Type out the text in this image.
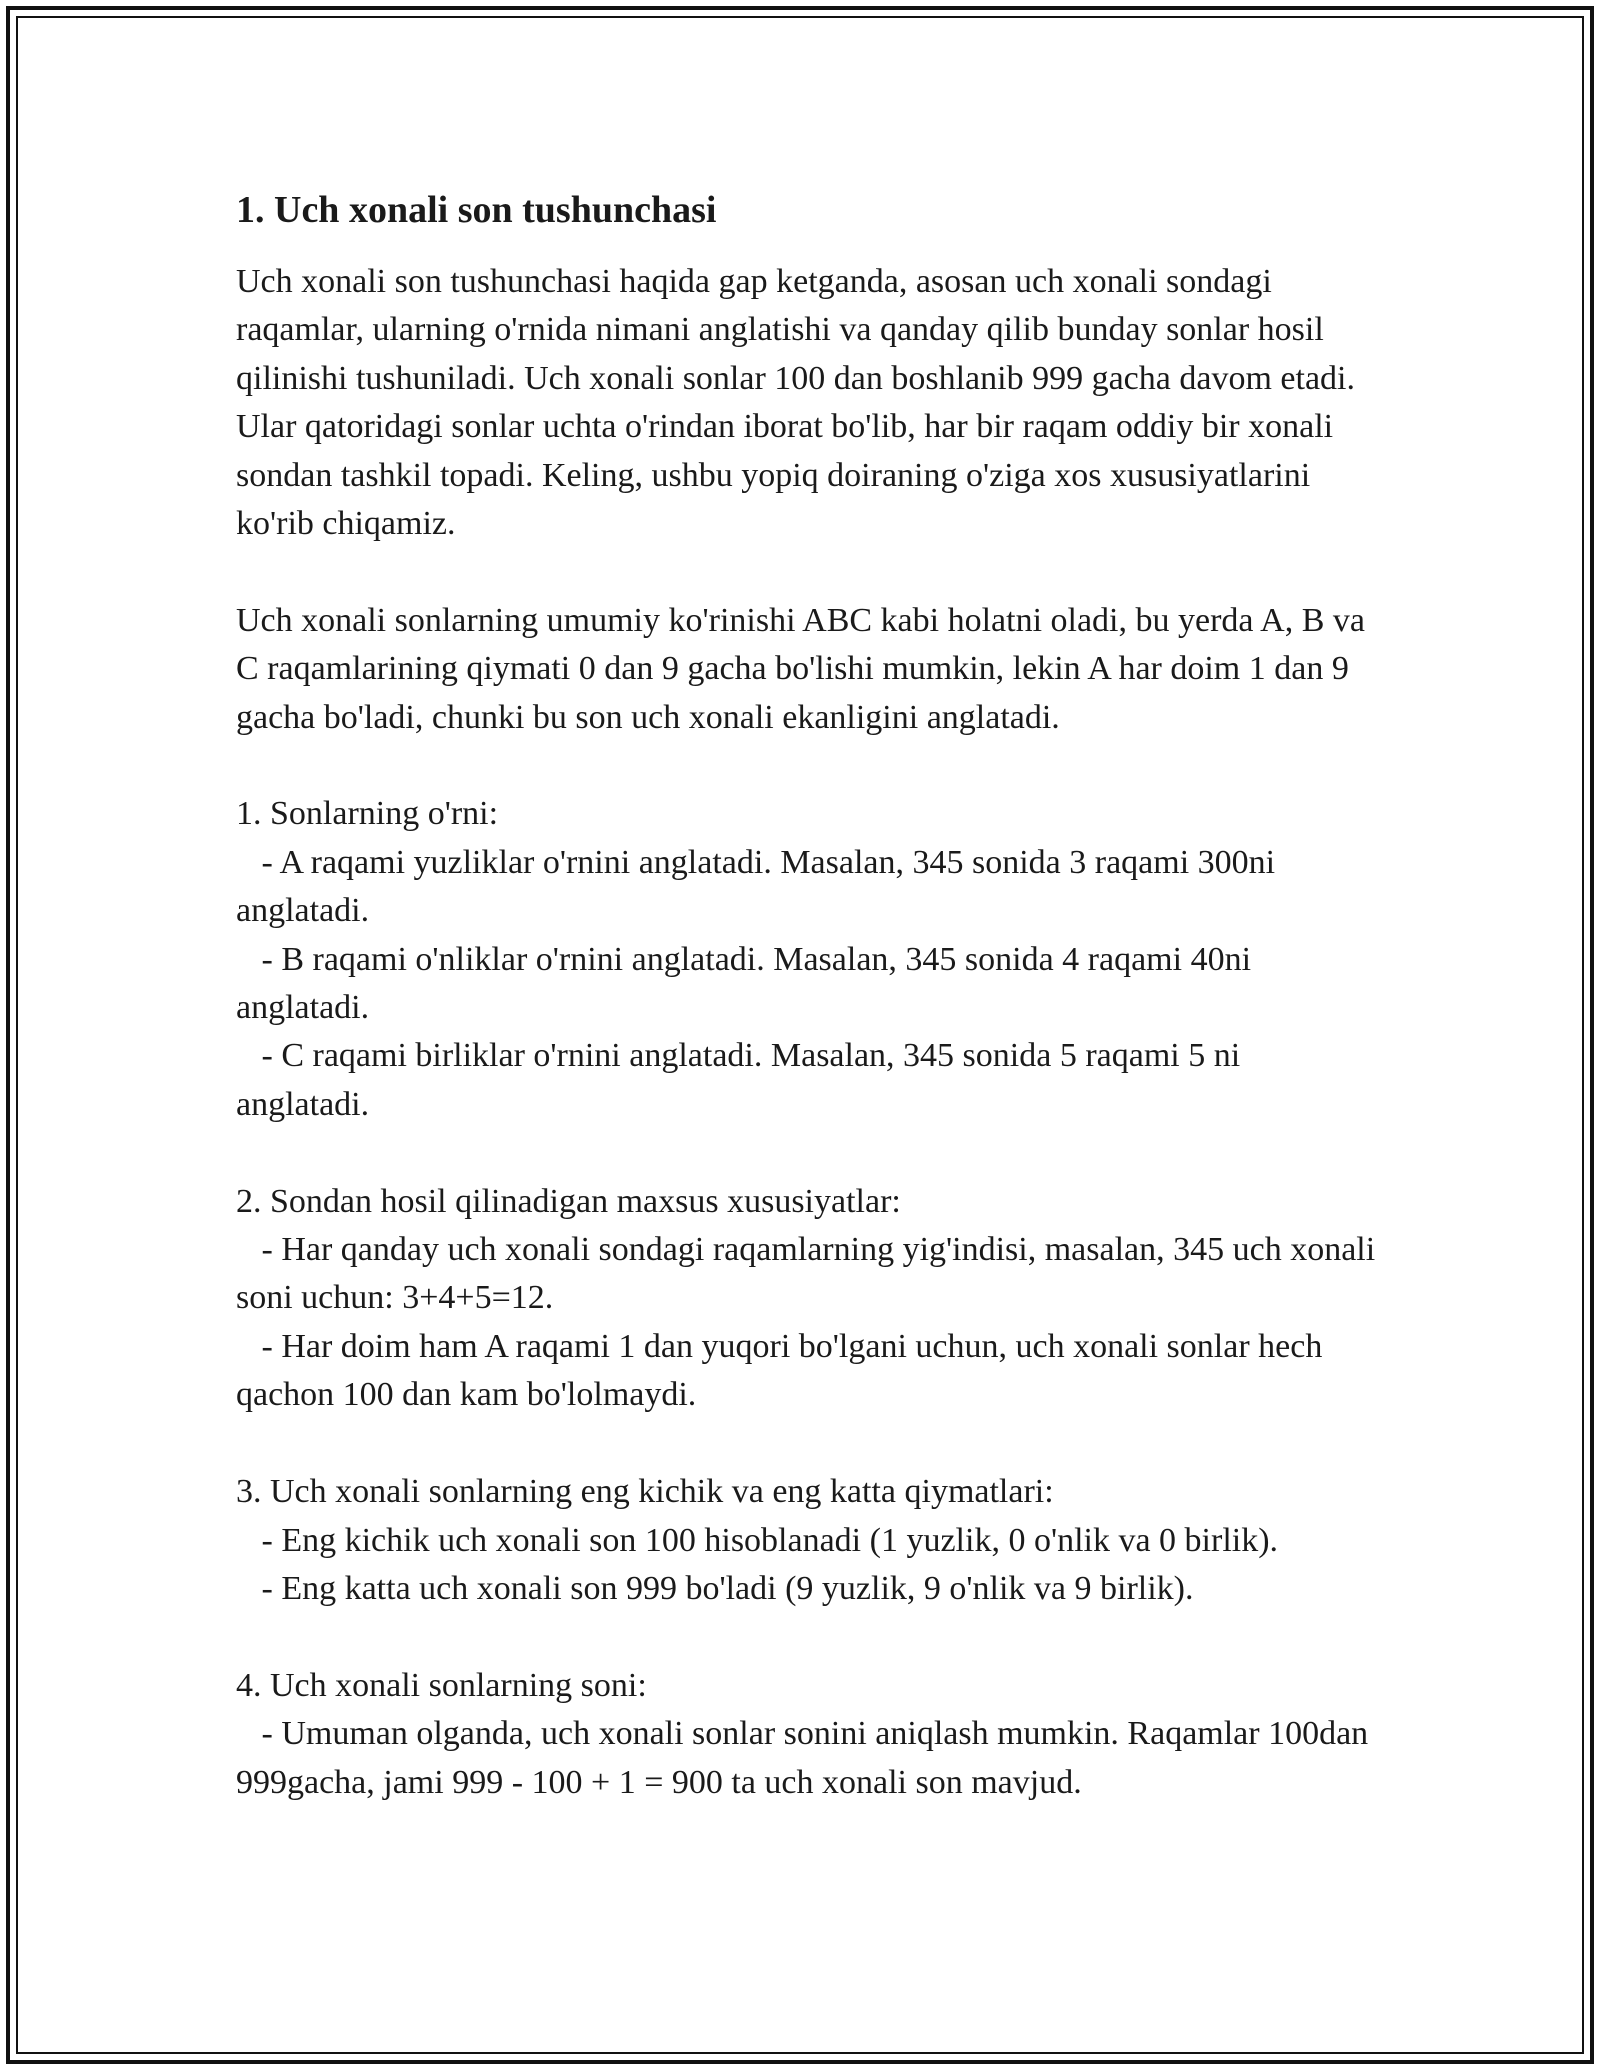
1. Uch xonali son tushunchasi

Uch xonali son tushunchasi haqida gap ketganda, asosan uch xonali sondagi raqamlar, ularning o'rnida nimani anglatishi va qanday qilib bunday sonlar hosil qilinishi tushuniladi. Uch xonali sonlar 100 dan boshlanib 999 gacha davom etadi. Ular qatoridagi sonlar uchta o'rindan iborat bo'lib, har bir raqam oddiy bir xonali sondan tashkil topadi. Keling, ushbu yopiq doiraning o'ziga xos xususiyatlarini ko'rib chiqamiz.

Uch xonali sonlarning umumiy ko'rinishi ABC kabi holatni oladi, bu yerda A, B va C raqamlarining qiymati 0 dan 9 gacha bo'lishi mumkin, lekin A har doim 1 dan 9 gacha bo'ladi, chunki bu son uch xonali ekanligini anglatadi.

1. Sonlarning o'rni:
- A raqami yuzliklar o'rnini anglatadi. Masalan, 345 sonida 3 raqami 300ni anglatadi.
- B raqami o'nliklar o'rnini anglatadi. Masalan, 345 sonida 4 raqami 40ni anglatadi.
- C raqami birliklar o'rnini anglatadi. Masalan, 345 sonida 5 raqami 5 ni anglatadi.

2. Sondan hosil qilinadigan maxsus xususiyatlar:
- Har qanday uch xonali sondagi raqamlarning yig'indisi, masalan, 345 uch xonali soni uchun: 3+4+5=12.
- Har doim ham A raqami 1 dan yuqori bo'lgani uchun, uch xonali sonlar hech qachon 100 dan kam bo'lolmaydi.

3. Uch xonali sonlarning eng kichik va eng katta qiymatlari:
- Eng kichik uch xonali son 100 hisoblanadi (1 yuzlik, 0 o'nlik va 0 birlik).
- Eng katta uch xonali son 999 bo'ladi (9 yuzlik, 9 o'nlik va 9 birlik).

4. Uch xonali sonlarning soni:
- Umuman olganda, uch xonali sonlar sonini aniqlash mumkin. Raqamlar 100dan 999gacha, jami 999 - 100 + 1 = 900 ta uch xonali son mavjud.
